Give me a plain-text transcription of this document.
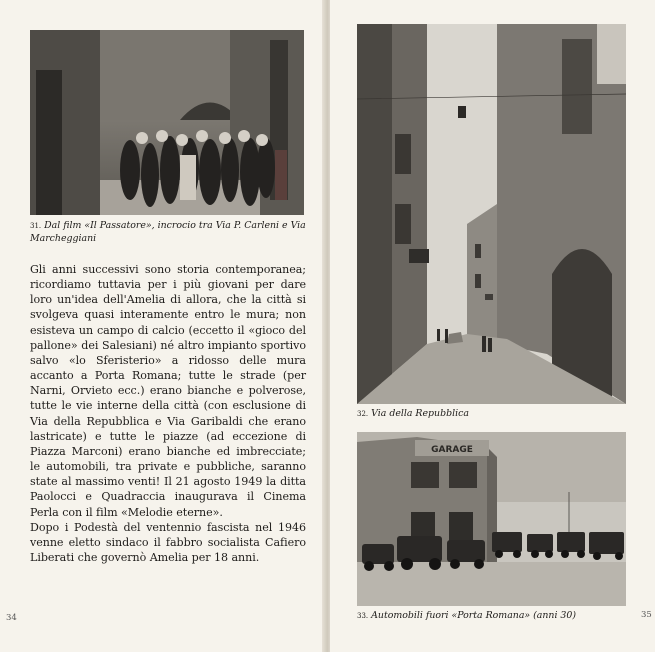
31. Dal film «Il Passatore», incrocio tra Via P. Carleni e Via Marcheggiani

Gli anni successivi sono storia contemporanea; ricordiamo tuttavia per i più giovani per dare loro un'idea dell'Amelia di allora, che la città si svolgeva quasi interamente entro le mura; non esisteva un campo di calcio (eccetto il «gioco del pallone» dei Salesiani) né altro impianto sportivo salvo «lo Sferisterio» a ridosso delle mura accanto a Porta Romana; tutte le strade (per Narni, Orvieto ecc.) erano bianche e polverose, tutte le vie interne della città (con esclusione di Via della Repubblica e Via Garibaldi che erano lastricate) e tutte le piazze (ad eccezione di Piazza Marconi) erano bianche ed imbrecciate; le automobili, tra private e pubbliche, saranno state al massimo venti! Il 21 agosto 1949 la ditta Paolocci e Quadraccia inaugurava il Cinema Perla con il film «Melodie eterne».

Dopo i Podestà del ventennio fascista nel 1946 venne eletto sindaco il fabbro socialista Cafiero Liberati che governò Amelia per 18 anni.

34
32. Via della Repubblica
GARAGE
33. Automobili fuori «Porta Romana» (anni 30)	35
